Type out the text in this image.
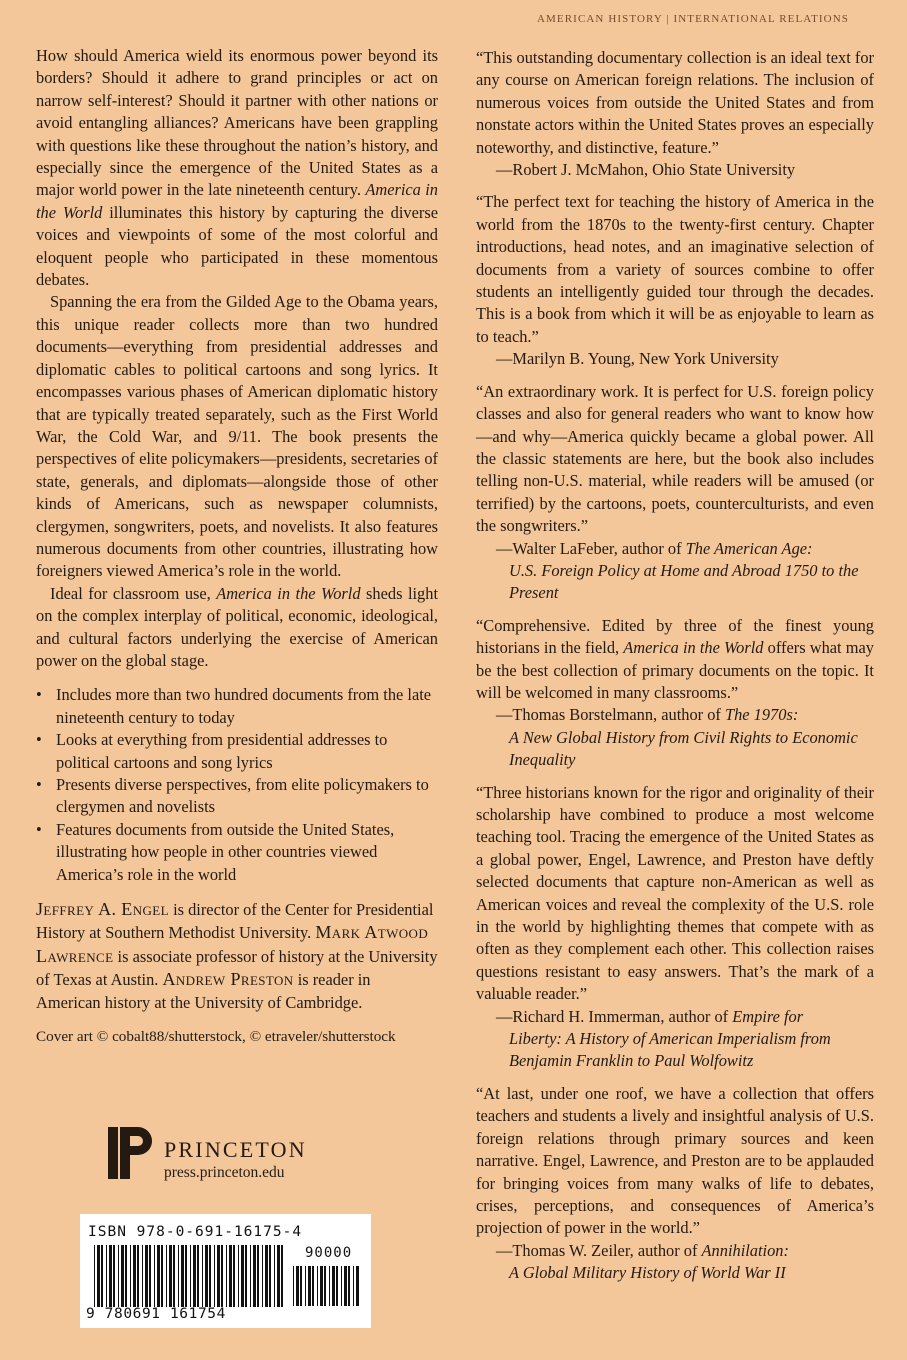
AMERICAN HISTORY | INTERNATIONAL RELATIONS

How should America wield its enormous power beyond its borders? Should it adhere to grand principles or act on narrow self-interest? Should it partner with other nations or avoid entangling alliances? Americans have been grappling with questions like these throughout the nation’s history, and especially since the emergence of the United States as a major world power in the late nineteenth century. America in the World illuminates this history by capturing the diverse voices and viewpoints of some of the most colorful and eloquent people who participated in these momentous debates.

Spanning the era from the Gilded Age to the Obama years, this unique reader collects more than two hundred documents—everything from presidential addresses and diplomatic cables to political cartoons and song lyrics. It encompasses various phases of American diplomatic history that are typically treated separately, such as the First World War, the Cold War, and 9/11. The book presents the perspectives of elite policymakers—presidents, secretaries of state, generals, and diplomats—alongside those of other kinds of Americans, such as newspaper columnists, clergymen, songwriters, poets, and novelists. It also features numerous documents from other countries, illustrating how foreigners viewed America’s role in the world.

Ideal for classroom use, America in the World sheds light on the complex interplay of political, economic, ideological, and cultural factors underlying the exercise of American power on the global stage.

• Includes more than two hundred documents from the late nineteenth century to today
• Looks at everything from presidential addresses to political cartoons and song lyrics
• Presents diverse perspectives, from elite policymakers to clergymen and novelists
• Features documents from outside the United States, illustrating how people in other countries viewed America’s role in the world

Jeffrey A. Engel is director of the Center for Presidential History at Southern Methodist University. Mark Atwood Lawrence is associate professor of history at the University of Texas at Austin. Andrew Preston is reader in American history at the University of Cambridge.

Cover art © cobalt88/shutterstock, © etraveler/shutterstock

PRINCETON
press.princeton.edu
ISBN 978-0-691-16175-4
90000
9 780691 161754

“This outstanding documentary collection is an ideal text for any course on American foreign relations. The inclusion of numerous voices from outside the United States and from nonstate actors within the United States proves an especially noteworthy, and distinctive, feature.”

—Robert J. McMahon, Ohio State University

“The perfect text for teaching the history of America in the world from the 1870s to the twenty-first century. Chapter introductions, head notes, and an imaginative selection of documents from a variety of sources combine to offer students an intelligently guided tour through the decades. This is a book from which it will be as enjoyable to learn as to teach.”

—Marilyn B. Young, New York University

“An extraordinary work. It is perfect for U.S. foreign policy classes and also for general readers who want to know how—and why—America quickly became a global power. All the classic statements are here, but the book also includes telling non-U.S. material, while readers will be amused (or terrified) by the cartoons, poets, counterculturists, and even the songwriters.”

—Walter LaFeber, author of The American Age:
U.S. Foreign Policy at Home and Abroad 1750 to the Present

“Comprehensive. Edited by three of the finest young historians in the field, America in the World offers what may be the best collection of primary documents on the topic. It will be welcomed in many classrooms.”

—Thomas Borstelmann, author of The 1970s:
A New Global History from Civil Rights to Economic Inequality

“Three historians known for the rigor and originality of their scholarship have combined to produce a most welcome teaching tool. Tracing the emergence of the United States as a global power, Engel, Lawrence, and Preston have deftly selected documents that capture non-American as well as American voices and reveal the complexity of the U.S. role in the world by highlighting themes that compete with as often as they complement each other. This collection raises questions resistant to easy answers. That’s the mark of a valuable reader.”

—Richard H. Immerman, author of Empire for
Liberty: A History of American Imperialism from Benjamin Franklin to Paul Wolfowitz

“At last, under one roof, we have a collection that offers teachers and students a lively and insightful analysis of U.S. foreign relations through primary sources and keen narrative. Engel, Lawrence, and Preston are to be applauded for bringing voices from many walks of life to debates, crises, perceptions, and consequences of America’s projection of power in the world.”

—Thomas W. Zeiler, author of Annihilation:
A Global Military History of World War II
